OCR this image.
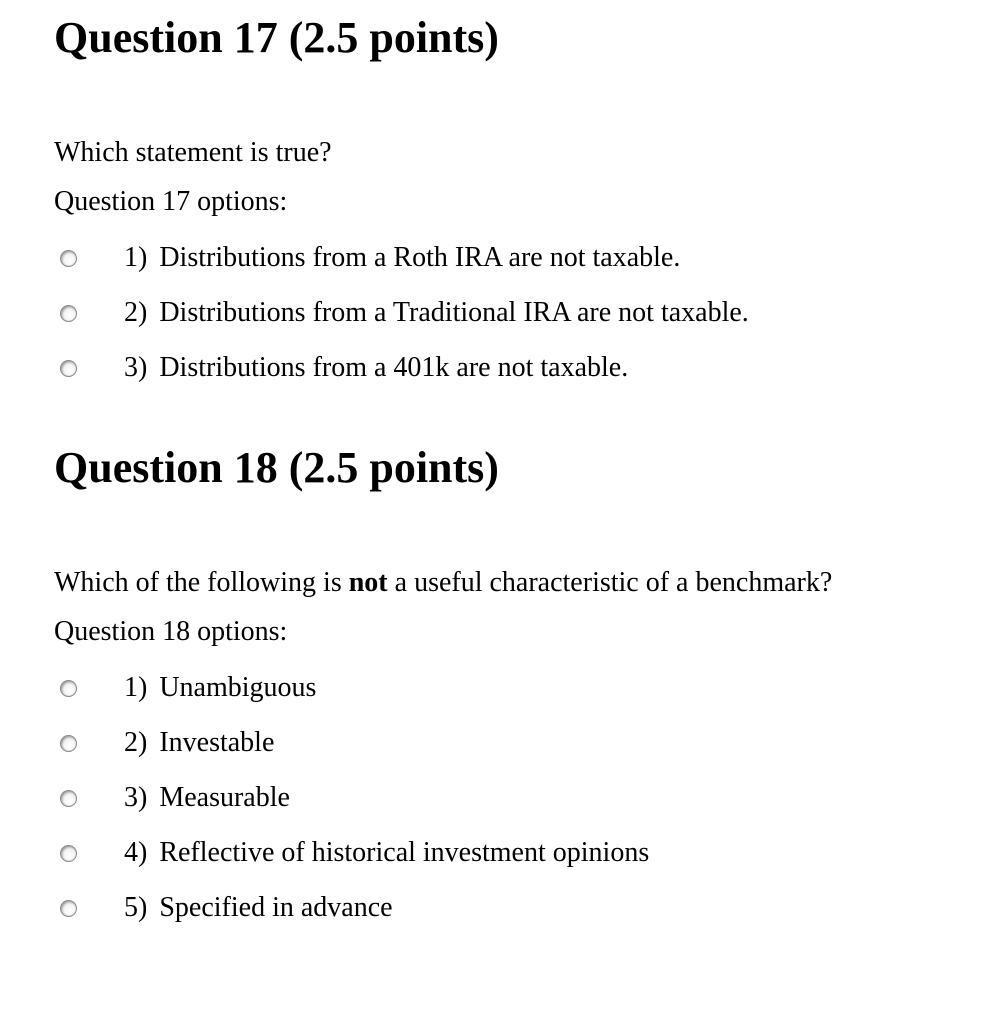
Question 17 (2.5 points)
Which statement is true?
Question 17 options:
1) Distributions from a Roth IRA are not taxable.
2) Distributions from a Traditional IRA are not taxable.
3) Distributions from a 401k are not taxable.
Question 18 (2.5 points)
Which of the following is not a useful characteristic of a benchmark?
Question 18 options:
1) Unambiguous
2) Investable
3) Measurable
4) Reflective of historical investment opinions
5) Specified in advance
